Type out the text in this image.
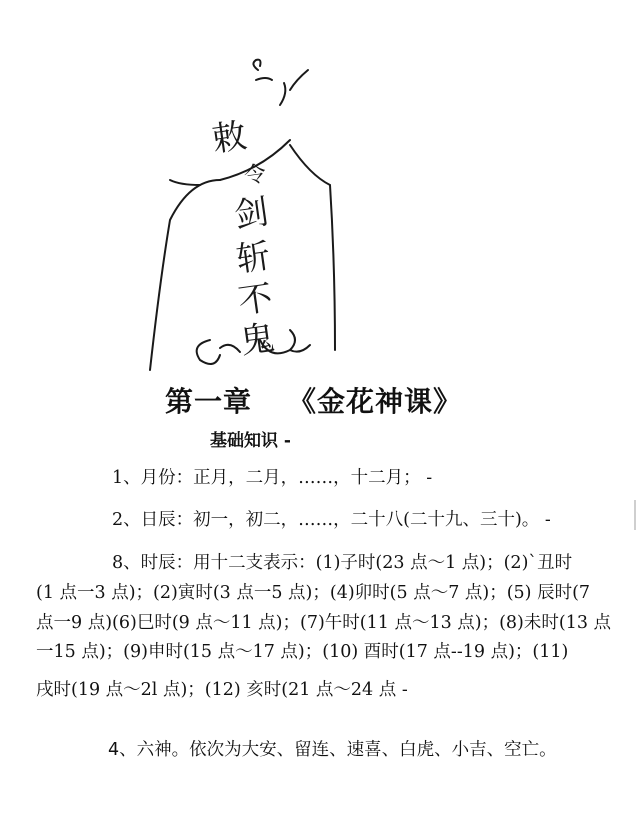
敕
令
剑
斩
不
鬼
第一章 《金花神课》
基础知识 -
1、月份：正月，二月，……，十二月； -
2、日辰：初一，初二，……，二十八(二十九、三十)。 -
8、时辰：用十二支表示：(1)子时(23 点～1 点)；(2)`丑时
(1 点一3 点)；(2)寅时(3 点一5 点)；(4)卯时(5 点～7 点)；(5) 辰时(7
点一9 点)(6)巳时(9 点～11 点)；(7)午时(11 点～13 点)；(8)未时(13 点
一15 点)；(9)申时(15 点～17 点)；(10) 酉时(17 点--19 点)；(11)
戌时(19 点～2l 点)；(12) 亥时(21 点～24 点 -
4、六神。依次为大安、留连、速喜、白虎、小吉、空亡。
